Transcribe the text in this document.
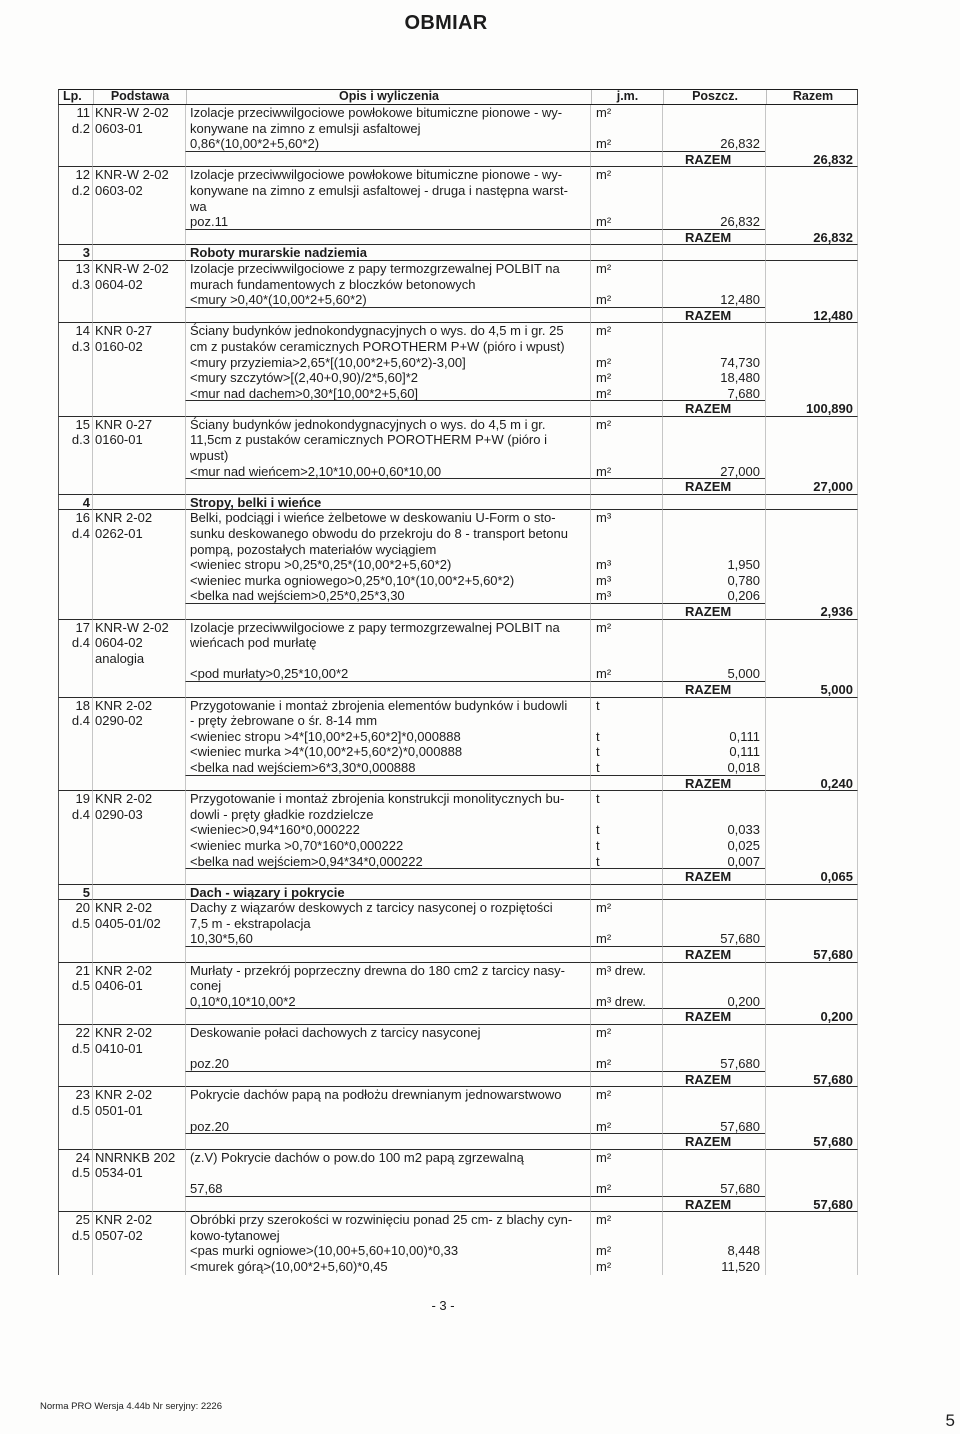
OBMIAR
Lp.	Podstawa	Opis i wyliczenia	j.m.	Poszcz.	Razem
11 KNR-W 2-02	Izolacje przeciwwilgociowe powłokowe bitumiczne pionowe - wy-	m²
d.2 0603-01	konywane na zimno z emulsji asfaltowej
0,86*(10,00*2+5,60*2)	m²	26,832
RAZEM	26,832
12 KNR-W 2-02	Izolacje przeciwwilgociowe powłokowe bitumiczne pionowe - wy-	m²
d.2 0603-02	konywane na zimno z emulsji asfaltowej - druga i następna warst-
wa
poz.11	m²	26,832
RAZEM	26,832
3	Roboty murarskie nadziemia
13 KNR-W 2-02	Izolacje przeciwwilgociowe z papy termozgrzewalnej POLBIT na	m²
d.3 0604-02	murach fundamentowych z bloczków betonowych
<mury >0,40*(10,00*2+5,60*2)	m²	12,480
RAZEM	12,480
14 KNR 0-27	Ściany budynków jednokondygnacyjnych o wys. do 4,5 m i gr. 25	m²
d.3 0160-02	cm z pustaków ceramicznych POROTHERM P+W (pióro i wpust)
<mury przyziemia>2,65*[(10,00*2+5,60*2)-3,00]	m²	74,730
<mury szczytów>[(2,40+0,90)/2*5,60]*2	m²	18,480
<mur nad dachem>0,30*[10,00*2+5,60]	m²	7,680
RAZEM	100,890
15 KNR 0-27	Ściany budynków jednokondygnacyjnych o wys. do 4,5 m i gr.	m²
d.3 0160-01	11,5cm z pustaków ceramicznych POROTHERM P+W (pióro i
wpust)
<mur nad wieńcem>2,10*10,00+0,60*10,00	m²	27,000
RAZEM	27,000
4	Stropy, belki i wieńce
16 KNR 2-02	Belki, podciągi i wieńce żelbetowe w deskowaniu U-Form o sto-	m³
d.4 0262-01	sunku deskowanego obwodu do przekroju do 8 - transport betonu
pompą, pozostałych materiałów wyciągiem
<wieniec stropu >0,25*0,25*(10,00*2+5,60*2)	m³	1,950
<wieniec murka ogniowego>0,25*0,10*(10,00*2+5,60*2)	m³	0,780
<belka nad wejściem>0,25*0,25*3,30	m³	0,206
RAZEM	2,936
17 KNR-W 2-02	Izolacje przeciwwilgociowe z papy termozgrzewalnej POLBIT na	m²
d.4 0604-02	wieńcach pod murłatę
analogia
<pod murłaty>0,25*10,00*2	m²	5,000
RAZEM	5,000
18 KNR 2-02	Przygotowanie i montaż zbrojenia elementów budynków i budowli	t
d.4 0290-02	- pręty żebrowane o śr. 8-14 mm
<wieniec stropu >4*[10,00*2+5,60*2]*0,000888	t	0,111
<wieniec murka >4*(10,00*2+5,60*2)*0,000888	t	0,111
<belka nad wejściem>6*3,30*0,000888	t	0,018
RAZEM	0,240
19 KNR 2-02	Przygotowanie i montaż zbrojenia konstrukcji monolitycznych bu-	t
d.4 0290-03	dowli - pręty gładkie rozdzielcze
<wieniec>0,94*160*0,000222	t	0,033
<wieniec murka >0,70*160*0,000222	t	0,025
<belka nad wejściem>0,94*34*0,000222	t	0,007
RAZEM	0,065
5	Dach - wiązary i pokrycie
20 KNR 2-02	Dachy z wiązarów deskowych z tarcicy nasyconej o rozpiętości	m²
d.5 0405-01/02	7,5 m - ekstrapolacja
10,30*5,60	m²	57,680
RAZEM	57,680
21 KNR 2-02	Murłaty - przekrój poprzeczny drewna do 180 cm2 z tarcicy nasy-	m³ drew.
d.5 0406-01	conej
0,10*0,10*10,00*2	m³ drew.	0,200
RAZEM	0,200
22 KNR 2-02	Deskowanie połaci dachowych z tarcicy nasyconej	m²
d.5 0410-01
poz.20	m²	57,680
RAZEM	57,680
23 KNR 2-02	Pokrycie dachów papą na podłożu drewnianym jednowarstwowo	m²
d.5 0501-01
poz.20	m²	57,680
RAZEM	57,680
24 NNRNKB 202	(z.V) Pokrycie dachów o pow.do 100 m2 papą zgrzewalną	m²
d.5 0534-01
57,68	m²	57,680
RAZEM	57,680
25 KNR 2-02	Obróbki przy szerokości w rozwinięciu ponad 25 cm- z blachy cyn-	m²
d.5 0507-02	kowo-tytanowej
<pas murki ogniowe>(10,00+5,60+10,00)*0,33	m²	8,448
<murek górą>(10,00*2+5,60)*0,45	m²	11,520
- 3 -
Norma PRO Wersja 4.44b Nr seryjny: 2226
5
